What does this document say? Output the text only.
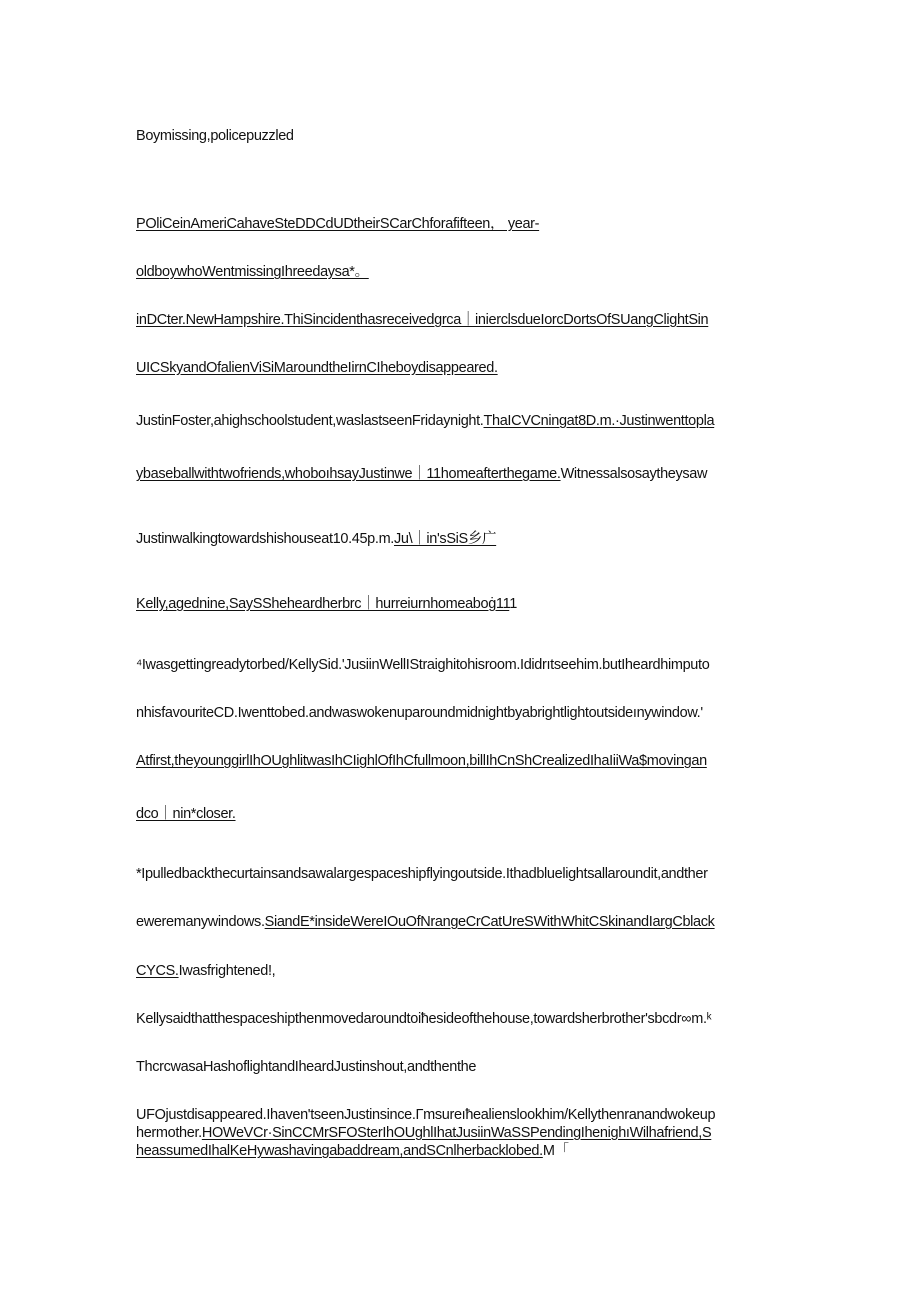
Boymissing,policepuzzled
POliCeinAmeriCahaveSteDDCdUDtheirSCarChforafifteen， year-
oldboywhoWentmissingIhreedaysa*。
inDCter.NewHampshire.ThiSincidenthasreceivedgrca｜inierclsdueIorcDortsOfSUangClightSin
UICSkyandOfalienViSiMaroundtheIirnCIheboydisappeared.
JustinFoster,ahighschoolstudent,waslastseenFridaynight.ThaICVCningat8D.m.·Justinwenttopla
ybaseballwithtwofriends,whoboıhsayJustinwe｜11homeafterthegame.Witnessalsosaytheysaw
Justinwalkingtowardshishouseat10.45p.m.Ju\｜in'sSiS乡广
Kelly,agednine,SaySSheheardherbrc｜hurreiurnhomeaboġ111
⁴Iwasgettingreadytorbed/KellySid.'JusiinWellIStraighitohisroom.Ididrıtseehim.butIheardhimputo
nhisfavouriteCD.Iwenttobed.andwaswokenuparoundmidnightbyabrightlightoutsideınywindow.'
Atfirst,theyounggirlIhOUghlitwasIhCIighlOfIhCfullmoon,billIhCnShCrealizedIhaIiiWa$movingan
dco｜nin*closer.
*Ipulledbackthecurtainsandsawalargespaceshipflyingoutside.Ithadbluelightsallaroundit,andther
eweremanуwindows.SiandE*insideWereIOuOfNrangeCrCatUreSWithWhitCSkinandIargCblack
CYCS.Iwasfrightened!,
Kellysaidthatthespaceshipthenmovedaroundtoiħesideofthehouse,towardsherbrother'sbcdr∞m.ᵏ
ThcrcwasaHashoflightandIheardJustinshout,andthenthe
UFOjustdisappeared.Ihaven'tseenJustinsince.Γmsureıħealienslookhim/Kellythenranandwokeup
hermother.HOWeVCr·SinCCMrSFOSterIhOUghlIhatJusiinWaSSPendingIhenighıWilhafriend,S
heassumedIhalKeHywashavingabaddream,andSCnlherbacklobed.M「
